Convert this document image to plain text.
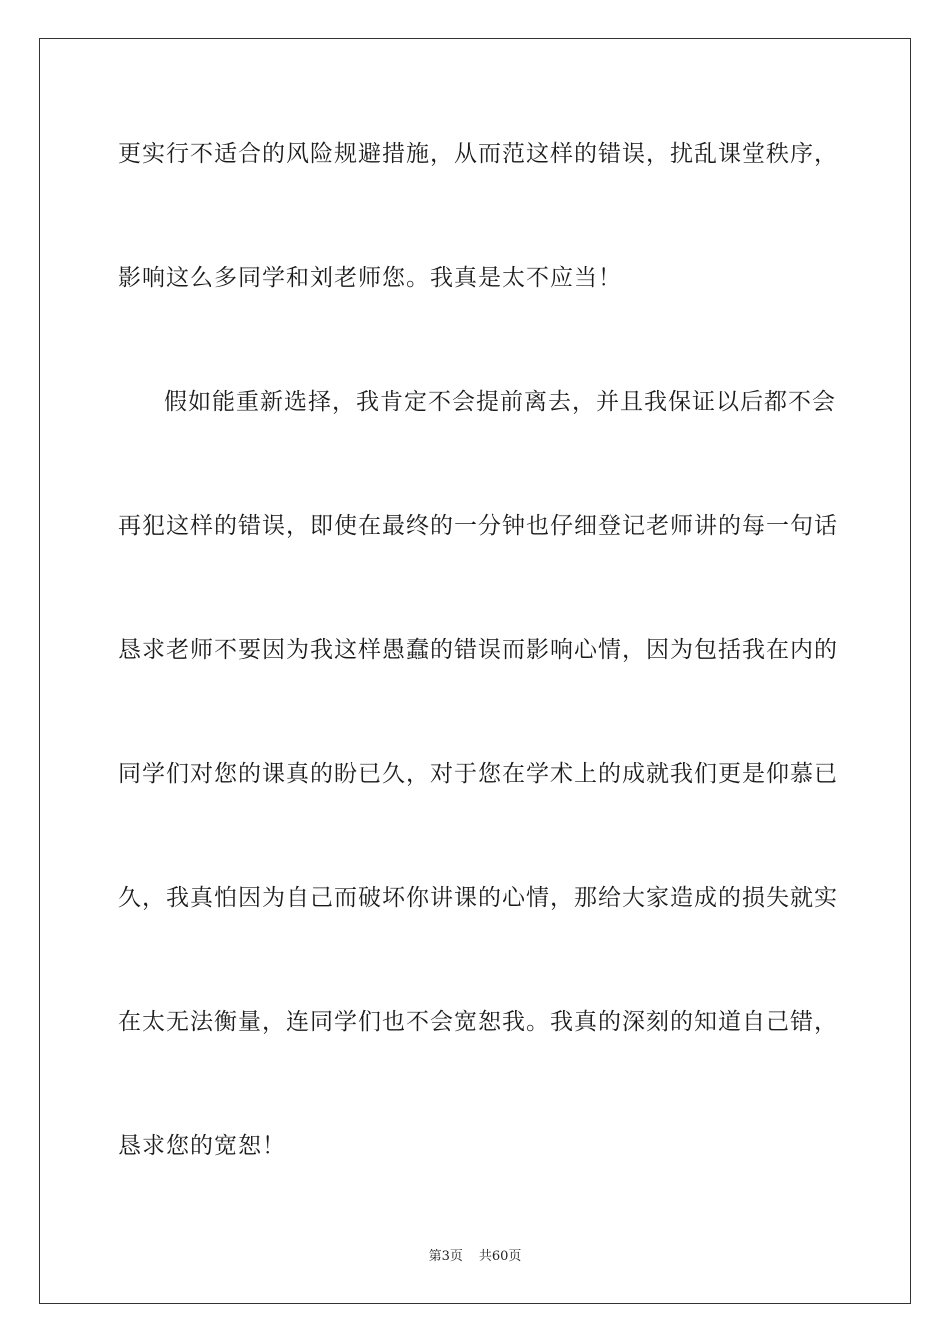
更实行不适合的风险规避措施，从而范这样的错误，扰乱课堂秩序，
影响这么多同学和刘老师您。我真是太不应当！
假如能重新选择，我肯定不会提前离去，并且我保证以后都不会
再犯这样的错误，即使在最终的一分钟也仔细登记老师讲的每一句话
恳求老师不要因为我这样愚蠢的错误而影响心情，因为包括我在内的
同学们对您的课真的盼已久，对于您在学术上的成就我们更是仰慕已
久，我真怕因为自己而破坏你讲课的心情，那给大家造成的损失就实
在太无法衡量，连同学们也不会宽恕我。我真的深刻的知道自己错，
恳求您的宽恕！
第3页 共60页
